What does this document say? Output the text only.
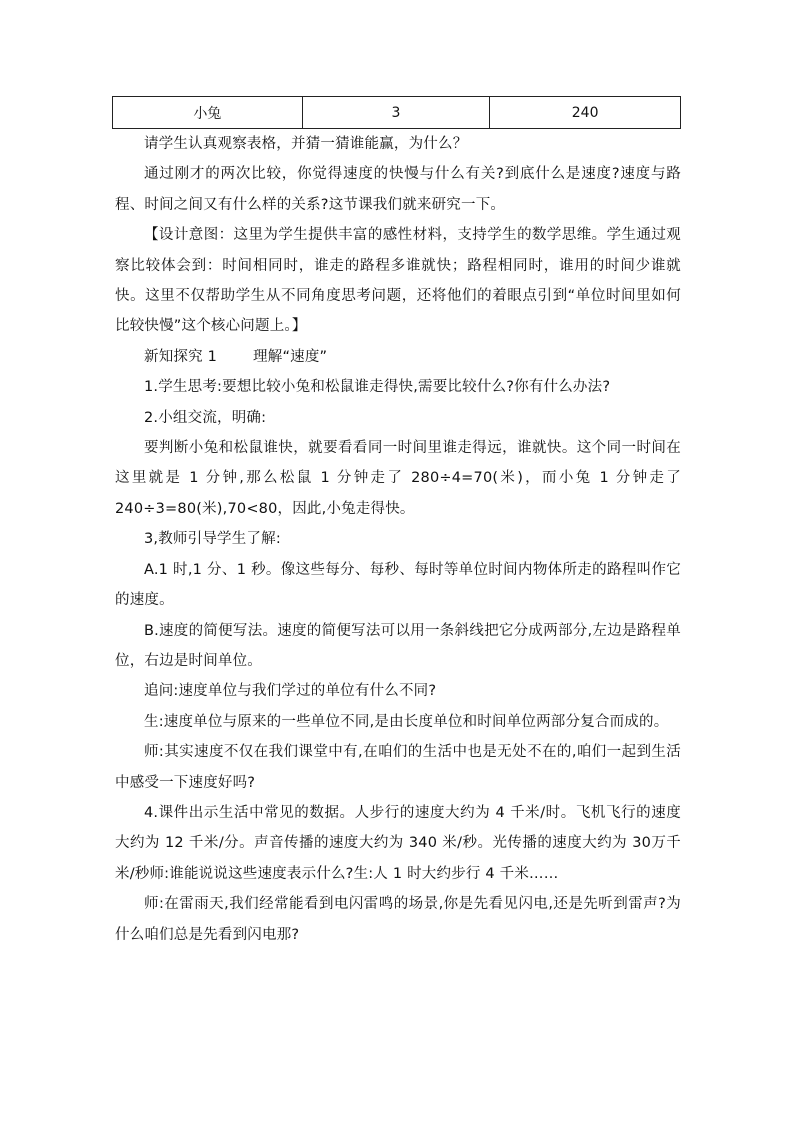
小兔	3	240

请学生认真观察表格，并猜一猜谁能赢，为什么？

通过刚才的两次比较，你觉得速度的快慢与什么有关?到底什么是速度?速度与路程、时间之间又有什么样的关系?这节课我们就来研究一下。

【设计意图：这里为学生提供丰富的感性材料，支持学生的数学思维。学生通过观察比较体会到：时间相同时，谁走的路程多谁就快；路程相同时，谁用的时间少谁就快。这里不仅帮助学生从不同角度思考问题，还将他们的着眼点引到“单位时间里如何比较快慢”这个核心问题上。】

新知探究 1 理解“速度”

1.学生思考:要想比较小兔和松鼠谁走得快,需要比较什么?你有什么办法?

2.小组交流，明确:

要判断小兔和松鼠谁快，就要看看同一时间里谁走得远，谁就快。这个同一时间在这里就是 1 分钟,那么松鼠 1 分钟走了 280÷4=70(米)，而小兔 1 分钟走了 240÷3=80(米),70<80，因此,小兔走得快。

3,教师引导学生了解:

A.1 时,1 分、1 秒。像这些每分、每秒、每时等单位时间内物体所走的路程叫作它的速度。

B.速度的简便写法。速度的简便写法可以用一条斜线把它分成两部分,左边是路程单位，右边是时间单位。

追问:速度单位与我们学过的单位有什么不同?

生:速度单位与原来的一些单位不同,是由长度单位和时间单位两部分复合而成的。

师:其实速度不仅在我们课堂中有,在咱们的生活中也是无处不在的,咱们一起到生活中感受一下速度好吗?

4.课件出示生活中常见的数据。人步行的速度大约为 4 千米/时。飞机飞行的速度大约为 12 千米/分。声音传播的速度大约为 340 米/秒。光传播的速度大约为 30万千米/秒师:谁能说说这些速度表示什么?生:人 1 时大约步行 4 千米……

师:在雷雨天,我们经常能看到电闪雷鸣的场景,你是先看见闪电,还是先听到雷声?为什么咱们总是先看到闪电那?
